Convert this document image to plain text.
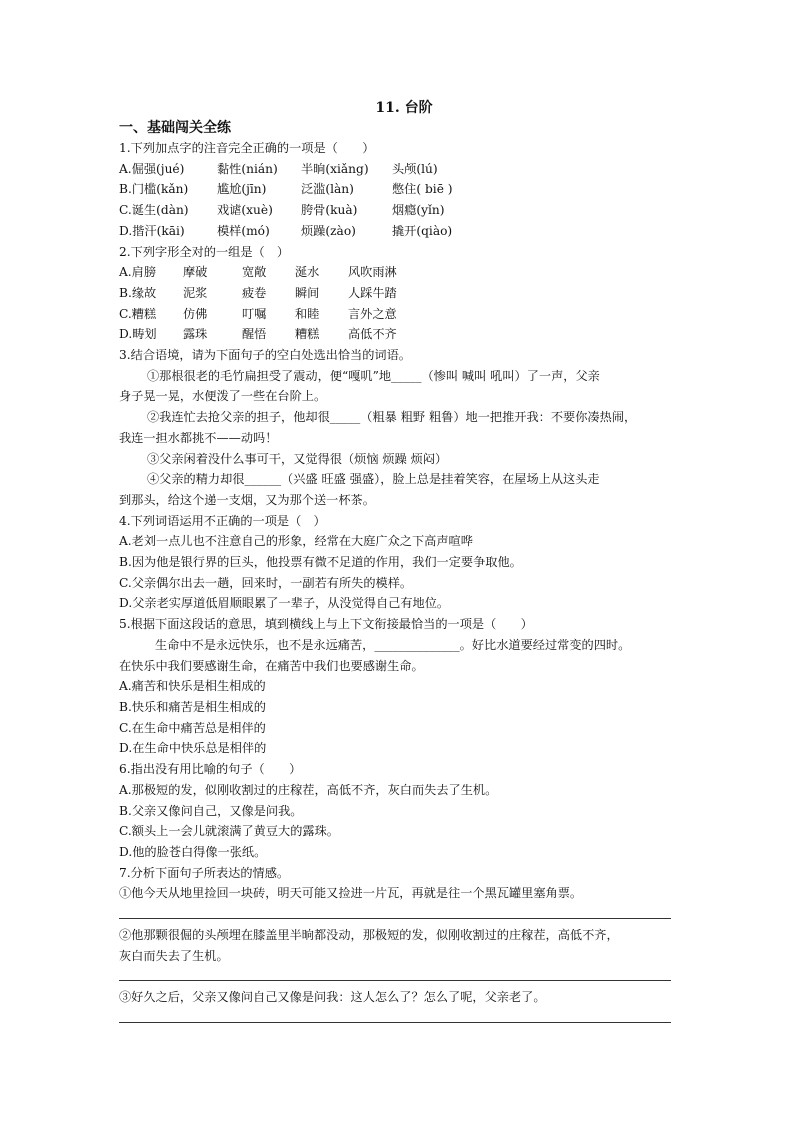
11. 台阶
一、基础闯关全练
1.下列加点字的注音完全正确的一项是（　　）
A.倔强(jué)	黏性(nián) 半晌(xiǎng) 头颅(lú)
B.门槛(kǎn) 尴尬(jīn)	泛滥(làn)	憋住( biē )
C.诞生(dàn) 戏谑(xuè) 胯骨(kuà)	烟瘾(yǐn)
D.揩汗(kāi)	模样(mó)	烦躁(zào)	撬开(qiào)
2.下列字形全对的一组是（　）
A.肩膀 摩破	宽敞 涎水 风吹雨淋
B.缘故 泥浆	疲卷 瞬间 人踩牛踏
C.糟糕 仿佛	叮嘱 和睦 言外之意
D.畴划 露珠	醒悟 糟糕 高低不齐
3.结合语境，请为下面句子的空白处选出恰当的词语。
①那根很老的毛竹扁担受了震动，便“嘎叽”地_____（惨叫 喊叫 吼叫）了一声，父亲
身子晃一晃，水便泼了一些在台阶上。
②我连忙去抢父亲的担子，他却很_____（粗暴 粗野 粗鲁）地一把推开我：不要你凑热闹，
我连一担水都挑不——动吗！
③父亲闲着没什么事可干，又觉得很（烦恼 烦躁 烦闷）
④父亲的精力却很______（兴盛 旺盛 强盛），脸上总是挂着笑容，在屋场上从这头走
到那头，给这个递一支烟，又为那个送一杯茶。
4.下列词语运用不正确的一项是（　）
A.老刘一点儿也不注意自己的形象，经常在大庭广众之下高声喧哗
B.因为他是银行界的巨头，他投票有微不足道的作用，我们一定要争取他。
C.父亲偶尔出去一趟，回来时，一副若有所失的模样。
D.父亲老实厚道低眉顺眼累了一辈子，从没觉得自己有地位。
5.根据下面这段话的意思，填到横线上与上下文衔接最恰当的一项是（　　）
生命中不是永远快乐，也不是永远痛苦，______________。好比水道要经过常变的四时。
在快乐中我们要感谢生命，在痛苦中我们也要感谢生命。
A.痛苦和快乐是相生相成的
B.快乐和痛苦是相生相成的
C.在生命中痛苦总是相伴的
D.在生命中快乐总是相伴的
6.指出没有用比喻的句子（　　）
A.那极短的发，似刚收割过的庄稼茬，高低不齐，灰白而失去了生机。
B.父亲又像问自己，又像是问我。
C.额头上一会儿就滚满了黄豆大的露珠。
D.他的脸苍白得像一张纸。
7.分析下面句子所表达的情感。
①他今天从地里捡回一块砖，明天可能又捡进一片瓦，再就是往一个黑瓦罐里塞角票。
②他那颗很倔的头颅埋在膝盖里半晌都没动，那极短的发，似刚收割过的庄稼茬，高低不齐，
灰白而失去了生机。
③好久之后，父亲又像问自己又像是问我：这人怎么了？怎么了呢，父亲老了。
